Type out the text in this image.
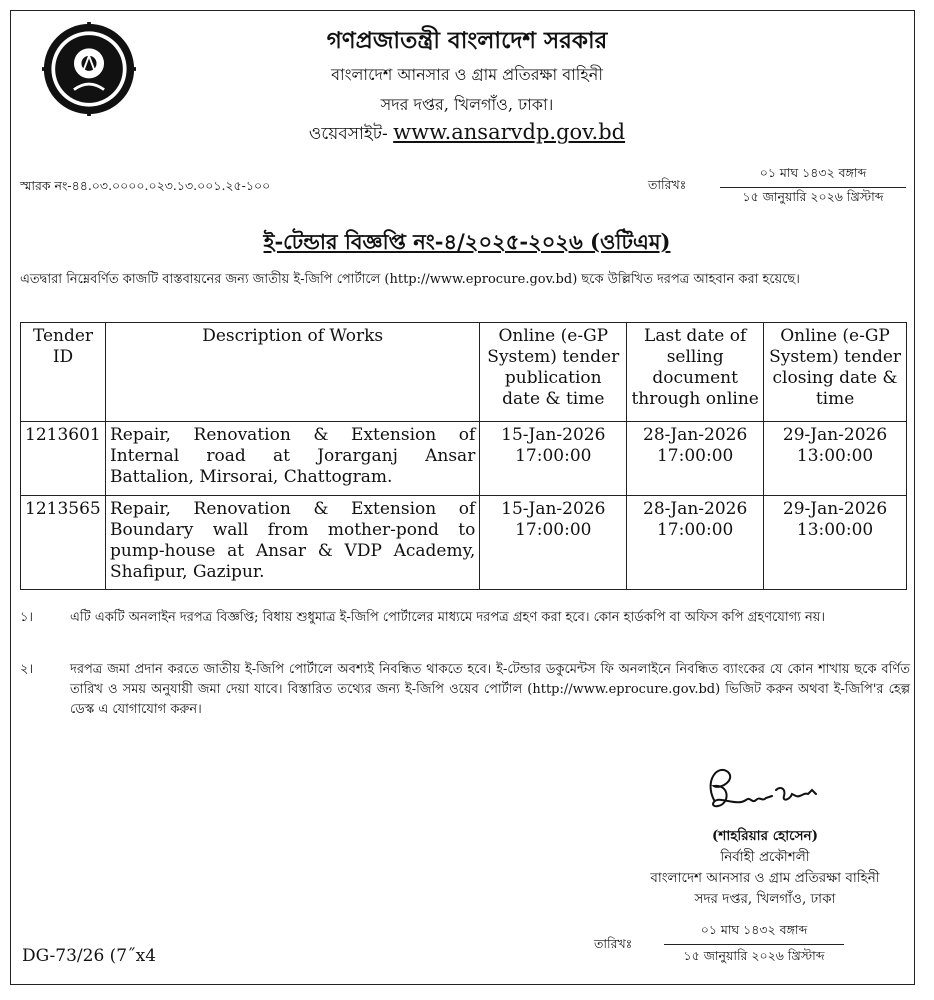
গণপ্রজাতন্ত্রী বাংলাদেশ সরকার
বাংলাদেশ আনসার ও গ্রাম প্রতিরক্ষা বাহিনী
সদর দপ্তর, খিলগাঁও, ঢাকা।
ওয়েবসাইট- www.ansarvdp.gov.bd
স্মারক নং-৪৪.০৩.০০০০.০২৩.১৩.০০১.২৫-১০০	তারিখঃ
০১ মাঘ ১৪৩২ বঙ্গাব্দ
১৫ জানুয়ারি ২০২৬ খ্রিস্টাব্দ
ই-টেন্ডার বিজ্ঞপ্তি নং-৪/২০২৫-২০২৬ (ওটিএম)
এতদ্বারা নিম্নেবর্ণিত কাজটি বাস্তবায়নের জন্য জাতীয় ই-জিপি পোর্টালে (http://www.eprocure.gov.bd) ছকে উল্লিখিত দরপত্র আহবান করা হয়েছে।
Tender ID	Description of Works	Online (e-GP System) tender publication date & time	Last date of selling document through online	Online (e-GP System) tender closing date & time
1213601	Repair, Renovation & Extension of Internal road at Jorarganj Ansar Battalion, Mirsorai, Chattogram.	15-Jan-2026 17:00:00	28-Jan-2026 17:00:00	29-Jan-2026 13:00:00
1213565	Repair, Renovation & Extension of Boundary wall from mother-pond to pump-house at Ansar & VDP Academy, Shafipur, Gazipur.	15-Jan-2026 17:00:00	28-Jan-2026 17:00:00	29-Jan-2026 13:00:00
১।	এটি একটি অনলাইন দরপত্র বিজ্ঞপ্তি; বিধায় শুধুমাত্র ই-জিপি পোর্টালের মাধ্যমে দরপত্র গ্রহণ করা হবে। কোন হার্ডকপি বা অফিস কপি গ্রহণযোগ্য নয়।
২।	দরপত্র জমা প্রদান করতে জাতীয় ই-জিপি পোর্টালে অবশ্যই নিবন্ধিত থাকতে হবে। ই-টেন্ডার ডকুমেন্টস ফি অনলাইনে নিবন্ধিত ব্যাংকের যে কোন শাখায় ছকে বর্ণিত তারিখ ও সময় অনুযায়ী জমা দেয়া যাবে। বিস্তারিত তথ্যের জন্য ই-জিপি ওয়েব পোর্টাল (http://www.eprocure.gov.bd) ভিজিট করুন অথবা ই-জিপি'র হেল্প ডেস্ক এ যোগাযোগ করুন।
(শাহরিয়ার হোসেন)
নির্বাহী প্রকৌশলী
বাংলাদেশ আনসার ও গ্রাম প্রতিরক্ষা বাহিনী
সদর দপ্তর, খিলগাঁও, ঢাকা
DG-73/26 (7˝x4
তারিখঃ
০১ মাঘ ১৪৩২ বঙ্গাব্দ
১৫ জানুয়ারি ২০২৬ খ্রিস্টাব্দ
